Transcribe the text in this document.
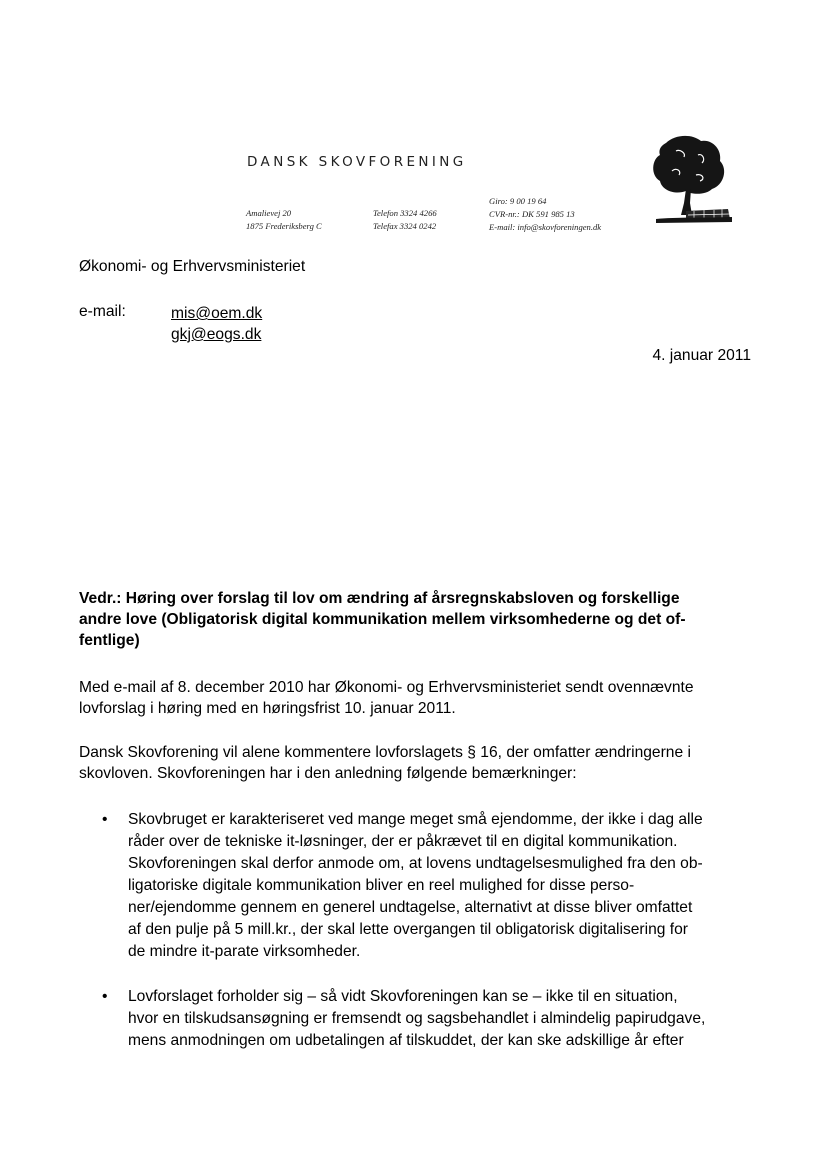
DANSK SKOVFORENING
Amalievej 20
1875 Frederiksberg C
Telefon 3324 4266
Telefax 3324 0242
Giro: 9 00 19 64
CVR-nr.: DK 591 985 13
E-mail: info@skovforeningen.dk
Økonomi- og Erhvervsministeriet
e-mail:	mis@oem.dk
gkj@eogs.dk
4. januar 2011
Vedr.: Høring over forslag til lov om ændring af årsregnskabsloven og forskellige
andre love (Obligatorisk digital kommunikation mellem virksomhederne og det of-
fentlige)
Med e-mail af 8. december 2010 har Økonomi- og Erhvervsministeriet sendt ovennævnte
lovforslag i høring med en høringsfrist 10. januar 2011.
Dansk Skovforening vil alene kommentere lovforslagets § 16, der omfatter ændringerne i
skovloven. Skovforeningen har i den anledning følgende bemærkninger:
•	Skovbruget er karakteriseret ved mange meget små ejendomme, der ikke i dag alle
råder over de tekniske it-løsninger, der er påkrævet til en digital kommunikation.
Skovforeningen skal derfor anmode om, at lovens undtagelsesmulighed fra den ob-
ligatoriske digitale kommunikation bliver en reel mulighed for disse perso-
ner/ejendomme gennem en generel undtagelse, alternativt at disse bliver omfattet
af den pulje på 5 mill.kr., der skal lette overgangen til obligatorisk digitalisering for
de mindre it-parate virksomheder.
•	Lovforslaget forholder sig – så vidt Skovforeningen kan se – ikke til en situation,
hvor en tilskudsansøgning er fremsendt og sagsbehandlet i almindelig papirudgave,
mens anmodningen om udbetalingen af tilskuddet, der kan ske adskillige år efter
